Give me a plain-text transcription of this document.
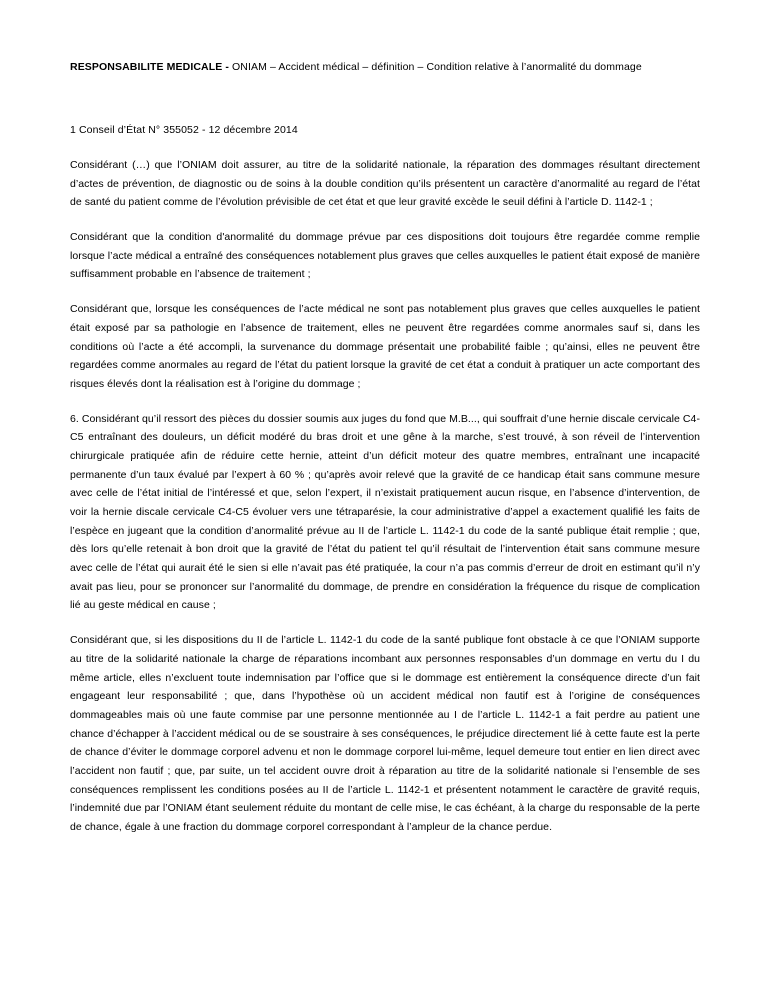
RESPONSABILITE MEDICALE - ONIAM – Accident médical – définition – Condition relative à l’anormalité du dommage
1 Conseil d’État N° 355052 - 12 décembre 2014

Considérant (…) que l’ONIAM doit assurer, au titre de la solidarité nationale, la réparation des dommages résultant directement d’actes de prévention, de diagnostic ou de soins à la double condition qu’ils présentent un caractère d’anormalité au regard de l’état de santé du patient comme de l’évolution prévisible de cet état et que leur gravité excède le seuil défini à l’article D. 1142-1 ;

Considérant que la condition d'anormalité du dommage prévue par ces dispositions doit toujours être regardée comme remplie lorsque l’acte médical a entraîné des conséquences notablement plus graves que celles auxquelles le patient était exposé de manière suffisamment probable en l’absence de traitement ;

Considérant que, lorsque les conséquences de l’acte médical ne sont pas notablement plus graves que celles auxquelles le patient était exposé par sa pathologie en l’absence de traitement, elles ne peuvent être regardées comme anormales sauf si, dans les conditions où l’acte a été accompli, la survenance du dommage présentait une probabilité faible ; qu’ainsi, elles ne peuvent être regardées comme anormales au regard de l’état du patient lorsque la gravité de cet état a conduit à pratiquer un acte comportant des risques élevés dont la réalisation est à l’origine du dommage ;

6. Considérant qu’il ressort des pièces du dossier soumis aux juges du fond que M.B..., qui souffrait d’une hernie discale cervicale C4-C5 entraînant des douleurs, un déficit modéré du bras droit et une gêne à la marche, s’est trouvé, à son réveil de l’intervention chirurgicale pratiquée afin de réduire cette hernie, atteint d’un déficit moteur des quatre membres, entraînant une incapacité permanente d’un taux évalué par l’expert à 60 % ; qu’après avoir relevé que la gravité de ce handicap était sans commune mesure avec celle de l’état initial de l’intéressé et que, selon l’expert, il n’existait pratiquement aucun risque, en l’absence d’intervention, de voir la hernie discale cervicale C4-C5 évoluer vers une tétraparésie, la cour administrative d’appel a exactement qualifié les faits de l’espèce en jugeant que la condition d’anormalité prévue au II de l’article L. 1142-1 du code de la santé publique était remplie ; que, dès lors qu’elle retenait à bon droit que la gravité de l’état du patient tel qu’il résultait de l’intervention était sans commune mesure avec celle de l’état qui aurait été le sien si elle n’avait pas été pratiquée, la cour n’a pas commis d’erreur de droit en estimant qu’il n’y avait pas lieu, pour se prononcer sur l’anormalité du dommage, de prendre en considération la fréquence du risque de complication lié au geste médical en cause ;

Considérant que, si les dispositions du II de l’article L. 1142-1 du code de la santé publique font obstacle à ce que l’ONIAM supporte au titre de la solidarité nationale la charge de réparations incombant aux personnes responsables d’un dommage en vertu du I du même article, elles n’excluent toute indemnisation par l’office que si le dommage est entièrement la conséquence directe d’un fait engageant leur responsabilité ; que, dans l’hypothèse où un accident médical non fautif est à l’origine de conséquences dommageables mais où une faute commise par une personne mentionnée au I de l’article L. 1142-1 a fait perdre au patient une chance d’échapper à l’accident médical ou de se soustraire à ses conséquences, le préjudice directement lié à cette faute est la perte de chance d’éviter le dommage corporel advenu et non le dommage corporel lui-même, lequel demeure tout entier en lien direct avec l’accident non fautif ; que, par suite, un tel accident ouvre droit à réparation au titre de la solidarité nationale si l’ensemble de ses conséquences remplissent les conditions posées au II de l’article L. 1142-1 et présentent notamment le caractère de gravité requis, l’indemnité due par l’ONIAM étant seulement réduite du montant de celle mise, le cas échéant, à la charge du responsable de la perte de chance, égale à une fraction du dommage corporel correspondant à l’ampleur de la chance perdue.
